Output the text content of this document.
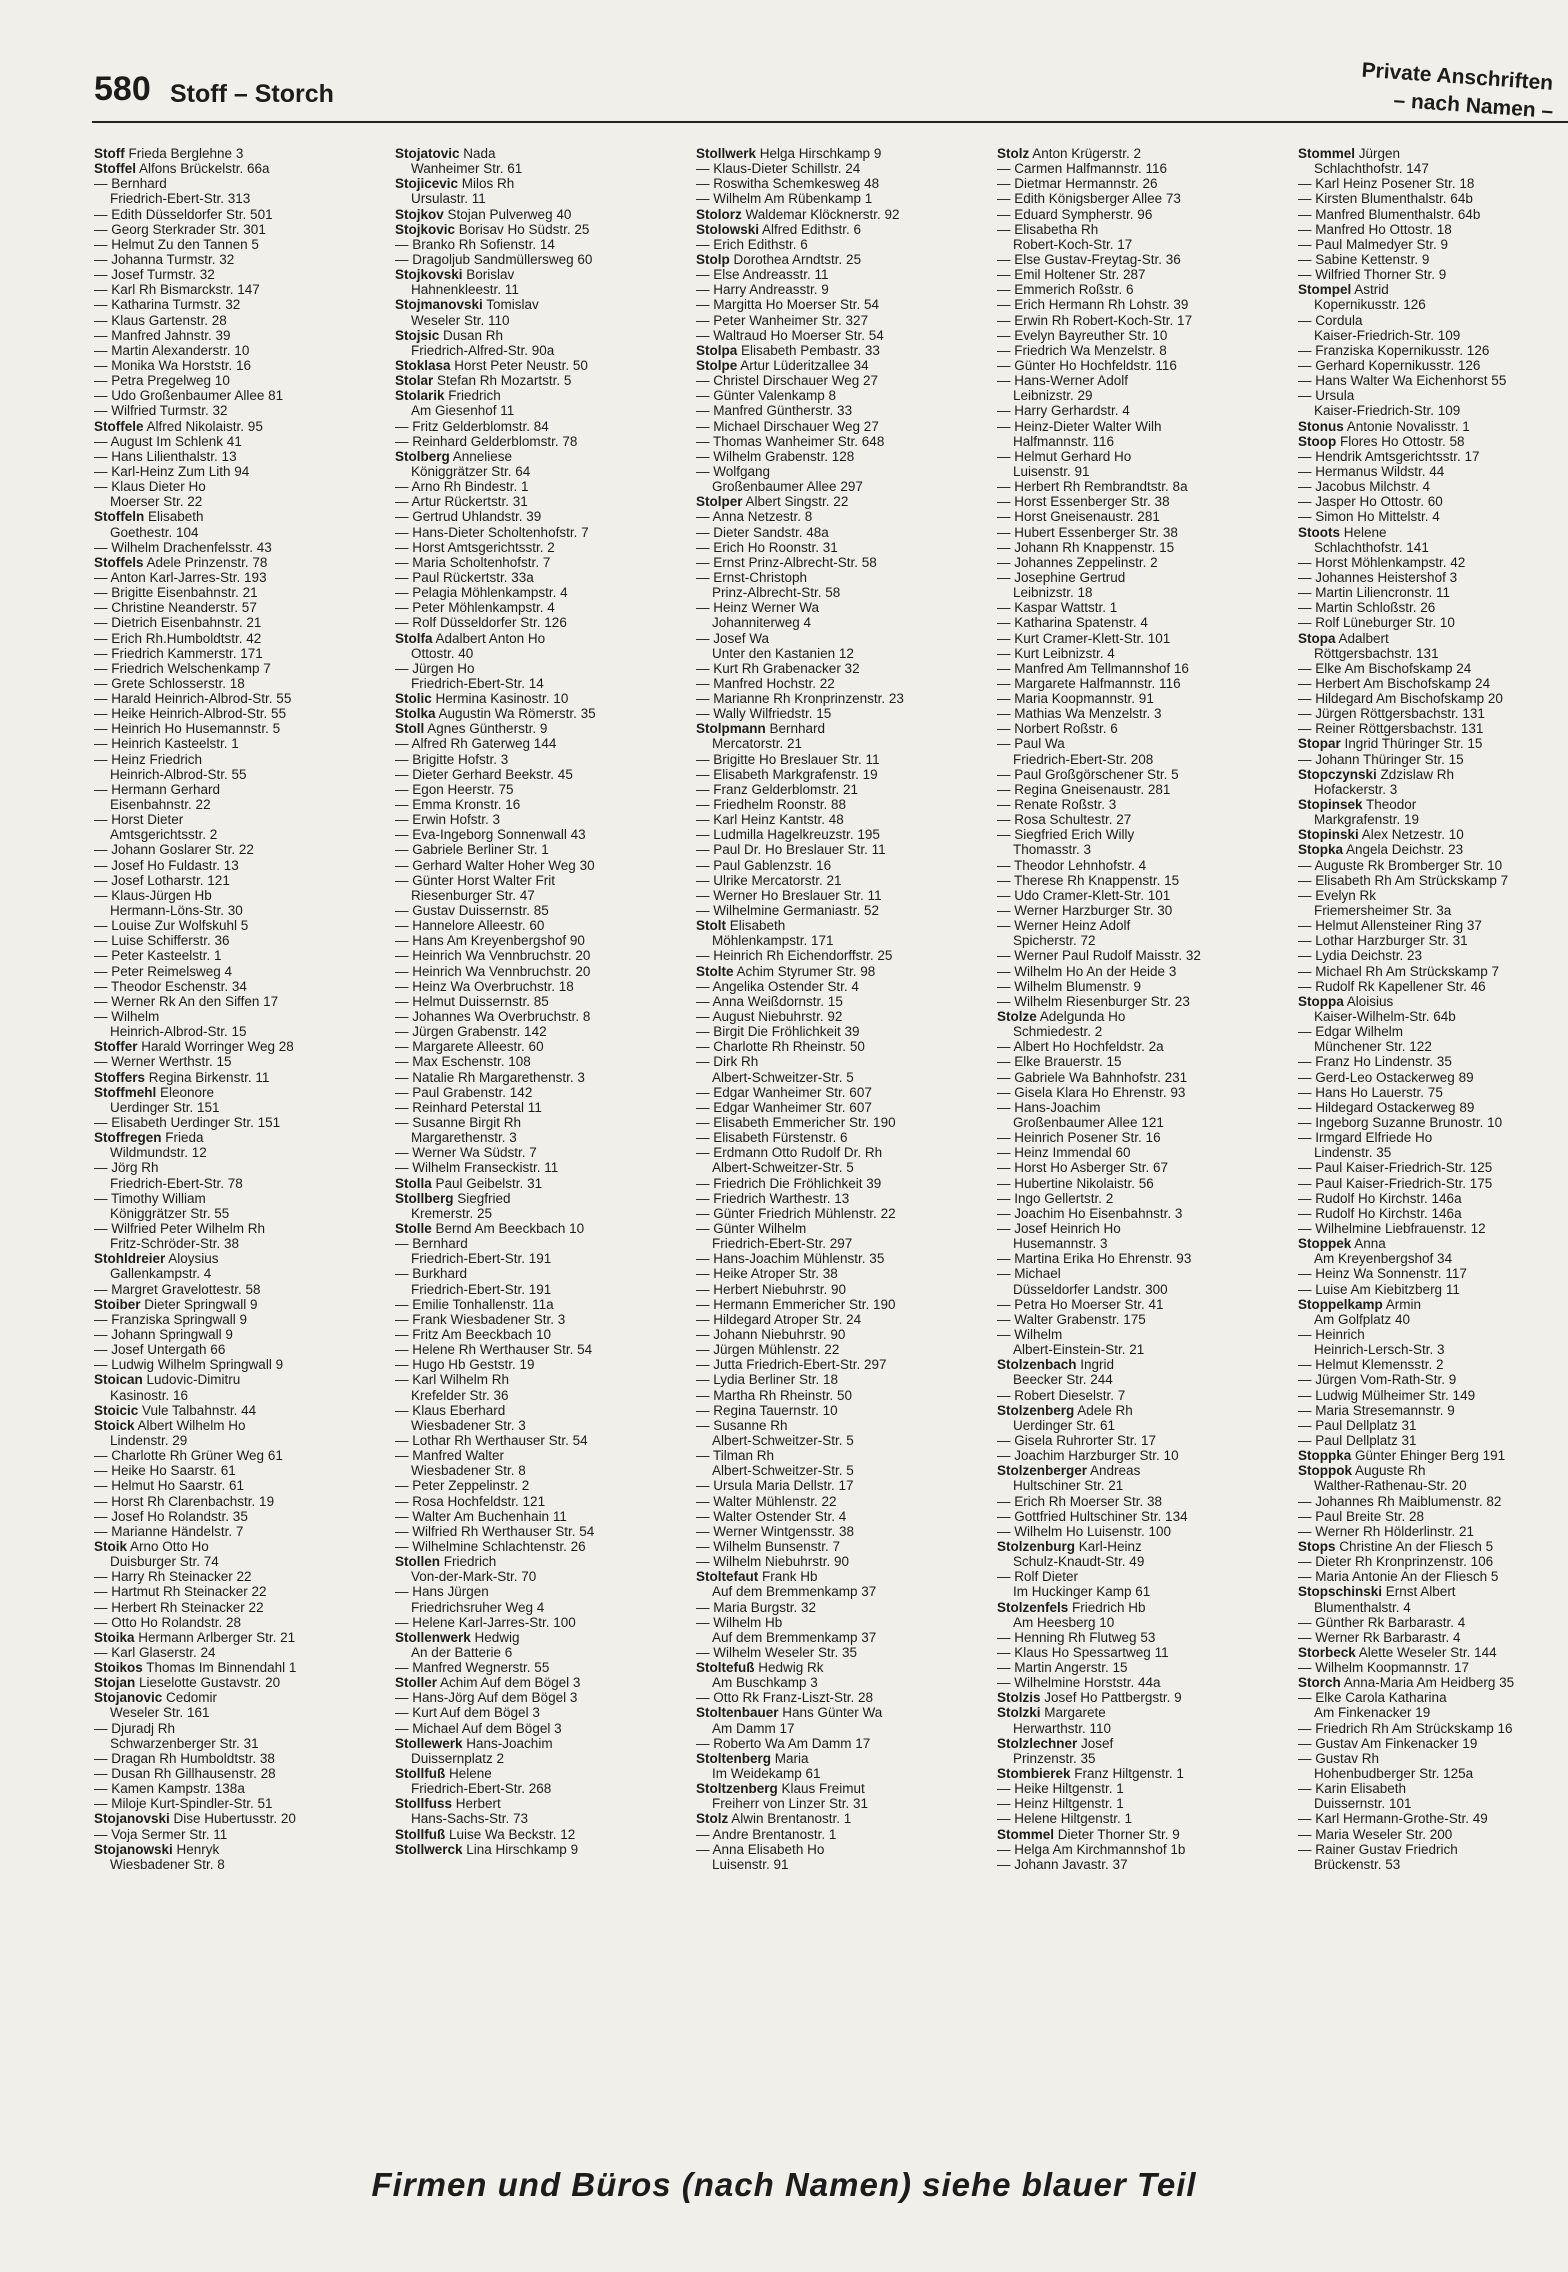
580 Stoff – Storch	Private Anschriften
– nach Namen –
Stoff Frieda Berglehne 3
Stoffel Alfons Brückelstr. 66a
— Bernhard
Friedrich-Ebert-Str. 313
— Edith Düsseldorfer Str. 501
— Georg Sterkrader Str. 301
— Helmut Zu den Tannen 5
— Johanna Turmstr. 32
— Josef Turmstr. 32
— Karl Rh Bismarckstr. 147
— Katharina Turmstr. 32
— Klaus Gartenstr. 28
— Manfred Jahnstr. 39
— Martin Alexanderstr. 10
— Monika Wa Horststr. 16
— Petra Pregelweg 10
— Udo Großenbaumer Allee 81
— Wilfried Turmstr. 32
Stoffele Alfred Nikolaistr. 95
— August Im Schlenk 41
— Hans Lilienthalstr. 13
— Karl-Heinz Zum Lith 94
— Klaus Dieter Ho
Moerser Str. 22
Stoffeln Elisabeth
Goethestr. 104
— Wilhelm Drachenfelsstr. 43
Stoffels Adele Prinzenstr. 78
— Anton Karl-Jarres-Str. 193
— Brigitte Eisenbahnstr. 21
— Christine Neanderstr. 57
— Dietrich Eisenbahnstr. 21
— Erich Rh.Humboldtstr. 42
— Friedrich Kammerstr. 171
— Friedrich Welschenkamp 7
— Grete Schlosserstr. 18
— Harald Heinrich-Albrod-Str. 55
— Heike Heinrich-Albrod-Str. 55
— Heinrich Ho Husemannstr. 5
— Heinrich Kasteelstr. 1
— Heinz Friedrich
Heinrich-Albrod-Str. 55
— Hermann Gerhard
Eisenbahnstr. 22
— Horst Dieter
Amtsgerichtsstr. 2
— Johann Goslarer Str. 22
— Josef Ho Fuldastr. 13
— Josef Lotharstr. 121
— Klaus-Jürgen Hb
Hermann-Löns-Str. 30
— Louise Zur Wolfskuhl 5
— Luise Schifferstr. 36
— Peter Kasteelstr. 1
— Peter Reimelsweg 4
— Theodor Eschenstr. 34
— Werner Rk An den Siffen 17
— Wilhelm
Heinrich-Albrod-Str. 15
Stoffer Harald Worringer Weg 28
— Werner Werthstr. 15
Stoffers Regina Birkenstr. 11
Stoffmehl Eleonore
Uerdinger Str. 151
— Elisabeth Uerdinger Str. 151
Stoffregen Frieda
Wildmundstr. 12
— Jörg Rh
Friedrich-Ebert-Str. 78
— Timothy William
Königgrätzer Str. 55
— Wilfried Peter Wilhelm Rh
Fritz-Schröder-Str. 38
Stohldreier Aloysius
Gallenkampstr. 4
— Margret Gravelottestr. 58
Stoiber Dieter Springwall 9
— Franziska Springwall 9
— Johann Springwall 9
— Josef Untergath 66
— Ludwig Wilhelm Springwall 9
Stoican Ludovic-Dimitru
Kasinostr. 16
Stoicic Vule Talbahnstr. 44
Stoick Albert Wilhelm Ho
Lindenstr. 29
— Charlotte Rh Grüner Weg 61
— Heike Ho Saarstr. 61
— Helmut Ho Saarstr. 61
— Horst Rh Clarenbachstr. 19
— Josef Ho Rolandstr. 35
— Marianne Händelstr. 7
Stoik Arno Otto Ho
Duisburger Str. 74
— Harry Rh Steinacker 22
— Hartmut Rh Steinacker 22
— Herbert Rh Steinacker 22
— Otto Ho Rolandstr. 28
Stoika Hermann Arlberger Str. 21
— Karl Glaserstr. 24
Stoikos Thomas Im Binnendahl 1
Stojan Lieselotte Gustavstr. 20
Stojanovic Cedomir
Weseler Str. 161
— Djuradj Rh
Schwarzenberger Str. 31
— Dragan Rh Humboldtstr. 38
— Dusan Rh Gillhausenstr. 28
— Kamen Kampstr. 138a
— Miloje Kurt-Spindler-Str. 51
Stojanovski Dise Hubertusstr. 20
— Voja Sermer Str. 11
Stojanowski Henryk
Wiesbadener Str. 8
Stojatovic Nada
Wanheimer Str. 61
Stojicevic Milos Rh
Ursulastr. 11
Stojkov Stojan Pulverweg 40
Stojkovic Borisav Ho Südstr. 25
— Branko Rh Sofienstr. 14
— Dragoljub Sandmüllersweg 60
Stojkovski Borislav
Hahnenkleestr. 11
Stojmanovski Tomislav
Weseler Str. 110
Stojsic Dusan Rh
Friedrich-Alfred-Str. 90a
Stoklasa Horst Peter Neustr. 50
Stolar Stefan Rh Mozartstr. 5
Stolarik Friedrich
Am Giesenhof 11
— Fritz Gelderblomstr. 84
— Reinhard Gelderblomstr. 78
Stolberg Anneliese
Königgrätzer Str. 64
— Arno Rh Bindestr. 1
— Artur Rückertstr. 31
— Gertrud Uhlandstr. 39
— Hans-Dieter Scholtenhofstr. 7
— Horst Amtsgerichtsstr. 2
— Maria Scholtenhofstr. 7
— Paul Rückertstr. 33a
— Pelagia Möhlenkampstr. 4
— Peter Möhlenkampstr. 4
— Rolf Düsseldorfer Str. 126
Stolfa Adalbert Anton Ho
Ottostr. 40
— Jürgen Ho
Friedrich-Ebert-Str. 14
Stolic Hermina Kasinostr. 10
Stolka Augustin Wa Römerstr. 35
Stoll Agnes Güntherstr. 9
— Alfred Rh Gaterweg 144
— Brigitte Hofstr. 3
— Dieter Gerhard Beekstr. 45
— Egon Heerstr. 75
— Emma Kronstr. 16
— Erwin Hofstr. 3
— Eva-Ingeborg Sonnenwall 43
— Gabriele Berliner Str. 1
— Gerhard Walter Hoher Weg 30
— Günter Horst Walter Frit
Riesenburger Str. 47
— Gustav Duissernstr. 85
— Hannelore Alleestr. 60
— Hans Am Kreyenbergshof 90
— Heinrich Wa Vennbruchstr. 20
— Heinrich Wa Vennbruchstr. 20
— Heinz Wa Overbruchstr. 18
— Helmut Duissernstr. 85
— Johannes Wa Overbruchstr. 8
— Jürgen Grabenstr. 142
— Margarete Alleestr. 60
— Max Eschenstr. 108
— Natalie Rh Margarethenstr. 3
— Paul Grabenstr. 142
— Reinhard Peterstal 11
— Susanne Birgit Rh
Margarethenstr. 3
— Werner Wa Südstr. 7
— Wilhelm Franseckistr. 11
Stolla Paul Geibelstr. 31
Stollberg Siegfried
Kremerstr. 25
Stolle Bernd Am Beeckbach 10
— Bernhard
Friedrich-Ebert-Str. 191
— Burkhard
Friedrich-Ebert-Str. 191
— Emilie Tonhallenstr. 11a
— Frank Wiesbadener Str. 3
— Fritz Am Beeckbach 10
— Helene Rh Werthauser Str. 54
— Hugo Hb Geststr. 19
— Karl Wilhelm Rh
Krefelder Str. 36
— Klaus Eberhard
Wiesbadener Str. 3
— Lothar Rh Werthauser Str. 54
— Manfred Walter
Wiesbadener Str. 8
— Peter Zeppelinstr. 2
— Rosa Hochfeldstr. 121
— Walter Am Buchenhain 11
— Wilfried Rh Werthauser Str. 54
— Wilhelmine Schlachtenstr. 26
Stollen Friedrich
Von-der-Mark-Str. 70
— Hans Jürgen
Friedrichsruher Weg 4
— Helene Karl-Jarres-Str. 100
Stollenwerk Hedwig
An der Batterie 6
— Manfred Wegnerstr. 55
Stoller Achim Auf dem Bögel 3
— Hans-Jörg Auf dem Bögel 3
— Kurt Auf dem Bögel 3
— Michael Auf dem Bögel 3
Stollewerk Hans-Joachim
Duissernplatz 2
Stollfuß Helene
Friedrich-Ebert-Str. 268
Stollfuss Herbert
Hans-Sachs-Str. 73
Stollfuß Luise Wa Beckstr. 12
Stollwerck Lina Hirschkamp 9
Stollwerk Helga Hirschkamp 9
— Klaus-Dieter Schillstr. 24
— Roswitha Schemkesweg 48
— Wilhelm Am Rübenkamp 1
Stolorz Waldemar Klöcknerstr. 92
Stolowski Alfred Edithstr. 6
— Erich Edithstr. 6
Stolp Dorothea Arndtstr. 25
— Else Andreasstr. 11
— Harry Andreasstr. 9
— Margitta Ho Moerser Str. 54
— Peter Wanheimer Str. 327
— Waltraud Ho Moerser Str. 54
Stolpa Elisabeth Pembastr. 33
Stolpe Artur Lüderitzallee 34
— Christel Dirschauer Weg 27
— Günter Valenkamp 8
— Manfred Güntherstr. 33
— Michael Dirschauer Weg 27
— Thomas Wanheimer Str. 648
— Wilhelm Grabenstr. 128
— Wolfgang
Großenbaumer Allee 297
Stolper Albert Singstr. 22
— Anna Netzestr. 8
— Dieter Sandstr. 48a
— Erich Ho Roonstr. 31
— Ernst Prinz-Albrecht-Str. 58
— Ernst-Christoph
Prinz-Albrecht-Str. 58
— Heinz Werner Wa
Johanniterweg 4
— Josef Wa
Unter den Kastanien 12
— Kurt Rh Grabenacker 32
— Manfred Hochstr. 22
— Marianne Rh Kronprinzenstr. 23
— Wally Wilfriedstr. 15
Stolpmann Bernhard
Mercatorstr. 21
— Brigitte Ho Breslauer Str. 11
— Elisabeth Markgrafenstr. 19
— Franz Gelderblomstr. 21
— Friedhelm Roonstr. 88
— Karl Heinz Kantstr. 48
— Ludmilla Hagelkreuzstr. 195
— Paul Dr. Ho Breslauer Str. 11
— Paul Gablenzstr. 16
— Ulrike Mercatorstr. 21
— Werner Ho Breslauer Str. 11
— Wilhelmine Germaniastr. 52
Stolt Elisabeth
Möhlenkampstr. 171
— Heinrich Rh Eichendorffstr. 25
Stolte Achim Styrumer Str. 98
— Angelika Ostender Str. 4
— Anna Weißdornstr. 15
— August Niebuhrstr. 92
— Birgit Die Fröhlichkeit 39
— Charlotte Rh Rheinstr. 50
— Dirk Rh
Albert-Schweitzer-Str. 5
— Edgar Wanheimer Str. 607
— Edgar Wanheimer Str. 607
— Elisabeth Emmericher Str. 190
— Elisabeth Fürstenstr. 6
— Erdmann Otto Rudolf Dr. Rh
Albert-Schweitzer-Str. 5
— Friedrich Die Fröhlichkeit 39
— Friedrich Warthestr. 13
— Günter Friedrich Mühlenstr. 22
— Günter Wilhelm
Friedrich-Ebert-Str. 297
— Hans-Joachim Mühlenstr. 35
— Heike Atroper Str. 38
— Herbert Niebuhrstr. 90
— Hermann Emmericher Str. 190
— Hildegard Atroper Str. 24
— Johann Niebuhrstr. 90
— Jürgen Mühlenstr. 22
— Jutta Friedrich-Ebert-Str. 297
— Lydia Berliner Str. 18
— Martha Rh Rheinstr. 50
— Regina Tauernstr. 10
— Susanne Rh
Albert-Schweitzer-Str. 5
— Tilman Rh
Albert-Schweitzer-Str. 5
— Ursula Maria Dellstr. 17
— Walter Mühlenstr. 22
— Walter Ostender Str. 4
— Werner Wintgensstr. 38
— Wilhelm Bunsenstr. 7
— Wilhelm Niebuhrstr. 90
Stoltefaut Frank Hb
Auf dem Bremmenkamp 37
— Maria Burgstr. 32
— Wilhelm Hb
Auf dem Bremmenkamp 37
— Wilhelm Weseler Str. 35
Stoltefuß Hedwig Rk
Am Buschkamp 3
— Otto Rk Franz-Liszt-Str. 28
Stoltenbauer Hans Günter Wa
Am Damm 17
— Roberto Wa Am Damm 17
Stoltenberg Maria
Im Weidekamp 61
Stoltzenberg Klaus Freimut
Freiherr von Linzer Str. 31
Stolz Alwin Brentanostr. 1
— Andre Brentanostr. 1
— Anna Elisabeth Ho
Luisenstr. 91
Stolz Anton Krügerstr. 2
— Carmen Halfmannstr. 116
— Dietmar Hermannstr. 26
— Edith Königsberger Allee 73
— Eduard Sympherstr. 96
— Elisabetha Rh
Robert-Koch-Str. 17
— Else Gustav-Freytag-Str. 36
— Emil Holtener Str. 287
— Emmerich Roßstr. 6
— Erich Hermann Rh Lohstr. 39
— Erwin Rh Robert-Koch-Str. 17
— Evelyn Bayreuther Str. 10
— Friedrich Wa Menzelstr. 8
— Günter Ho Hochfeldstr. 116
— Hans-Werner Adolf
Leibnizstr. 29
— Harry Gerhardstr. 4
— Heinz-Dieter Walter Wilh
Halfmannstr. 116
— Helmut Gerhard Ho
Luisenstr. 91
— Herbert Rh Rembrandtstr. 8a
— Horst Essenberger Str. 38
— Horst Gneisenaustr. 281
— Hubert Essenberger Str. 38
— Johann Rh Knappenstr. 15
— Johannes Zeppelinstr. 2
— Josephine Gertrud
Leibnizstr. 18
— Kaspar Wattstr. 1
— Katharina Spatenstr. 4
— Kurt Cramer-Klett-Str. 101
— Kurt Leibnizstr. 4
— Manfred Am Tellmannshof 16
— Margarete Halfmannstr. 116
— Maria Koopmannstr. 91
— Mathias Wa Menzelstr. 3
— Norbert Roßstr. 6
— Paul Wa
Friedrich-Ebert-Str. 208
— Paul Großgörschener Str. 5
— Regina Gneisenaustr. 281
— Renate Roßstr. 3
— Rosa Schultestr. 27
— Siegfried Erich Willy
Thomasstr. 3
— Theodor Lehnhofstr. 4
— Therese Rh Knappenstr. 15
— Udo Cramer-Klett-Str. 101
— Werner Harzburger Str. 30
— Werner Heinz Adolf
Spicherstr. 72
— Werner Paul Rudolf Maisstr. 32
— Wilhelm Ho An der Heide 3
— Wilhelm Blumenstr. 9
— Wilhelm Riesenburger Str. 23
Stolze Adelgunda Ho
Schmiedestr. 2
— Albert Ho Hochfeldstr. 2a
— Elke Brauerstr. 15
— Gabriele Wa Bahnhofstr. 231
— Gisela Klara Ho Ehrenstr. 93
— Hans-Joachim
Großenbaumer Allee 121
— Heinrich Posener Str. 16
— Heinz Immendal 60
— Horst Ho Asberger Str. 67
— Hubertine Nikolaistr. 56
— Ingo Gellertstr. 2
— Joachim Ho Eisenbahnstr. 3
— Josef Heinrich Ho
Husemannstr. 3
— Martina Erika Ho Ehrenstr. 93
— Michael
Düsseldorfer Landstr. 300
— Petra Ho Moerser Str. 41
— Walter Grabenstr. 175
— Wilhelm
Albert-Einstein-Str. 21
Stolzenbach Ingrid
Beecker Str. 244
— Robert Dieselstr. 7
Stolzenberg Adele Rh
Uerdinger Str. 61
— Gisela Ruhrorter Str. 17
— Joachim Harzburger Str. 10
Stolzenberger Andreas
Hultschiner Str. 21
— Erich Rh Moerser Str. 38
— Gottfried Hultschiner Str. 134
— Wilhelm Ho Luisenstr. 100
Stolzenburg Karl-Heinz
Schulz-Knaudt-Str. 49
— Rolf Dieter
Im Huckinger Kamp 61
Stolzenfels Friedrich Hb
Am Heesberg 10
— Henning Rh Flutweg 53
— Klaus Ho Spessartweg 11
— Martin Angerstr. 15
— Wilhelmine Horststr. 44a
Stolzis Josef Ho Pattbergstr. 9
Stolzki Margarete
Herwarthstr. 110
Stolzlechner Josef
Prinzenstr. 35
Stombierek Franz Hiltgenstr. 1
— Heike Hiltgenstr. 1
— Heinz Hiltgenstr. 1
— Helene Hiltgenstr. 1
Stommel Dieter Thorner Str. 9
— Helga Am Kirchmannshof 1b
— Johann Javastr. 37
Stommel Jürgen
Schlachthofstr. 147
— Karl Heinz Posener Str. 18
— Kirsten Blumenthalstr. 64b
— Manfred Blumenthalstr. 64b
— Manfred Ho Ottostr. 18
— Paul Malmedyer Str. 9
— Sabine Kettenstr. 9
— Wilfried Thorner Str. 9
Stompel Astrid
Kopernikusstr. 126
— Cordula
Kaiser-Friedrich-Str. 109
— Franziska Kopernikusstr. 126
— Gerhard Kopernikusstr. 126
— Hans Walter Wa Eichenhorst 55
— Ursula
Kaiser-Friedrich-Str. 109
Stonus Antonie Novalisstr. 1
Stoop Flores Ho Ottostr. 58
— Hendrik Amtsgerichtsstr. 17
— Hermanus Wildstr. 44
— Jacobus Milchstr. 4
— Jasper Ho Ottostr. 60
— Simon Ho Mittelstr. 4
Stoots Helene
Schlachthofstr. 141
— Horst Möhlenkampstr. 42
— Johannes Heistershof 3
— Martin Liliencronstr. 11
— Martin Schloßstr. 26
— Rolf Lüneburger Str. 10
Stopa Adalbert
Röttgersbachstr. 131
— Elke Am Bischofskamp 24
— Herbert Am Bischofskamp 24
— Hildegard Am Bischofskamp 20
— Jürgen Röttgersbachstr. 131
— Reiner Röttgersbachstr. 131
Stopar Ingrid Thüringer Str. 15
— Johann Thüringer Str. 15
Stopczynski Zdzislaw Rh
Hofackerstr. 3
Stopinsek Theodor
Markgrafenstr. 19
Stopinski Alex Netzestr. 10
Stopka Angela Deichstr. 23
— Auguste Rk Bromberger Str. 10
— Elisabeth Rh Am Strückskamp 7
— Evelyn Rk
Friemersheimer Str. 3a
— Helmut Allensteiner Ring 37
— Lothar Harzburger Str. 31
— Lydia Deichstr. 23
— Michael Rh Am Strückskamp 7
— Rudolf Rk Kapellener Str. 46
Stoppa Aloisius
Kaiser-Wilhelm-Str. 64b
— Edgar Wilhelm
Münchener Str. 122
— Franz Ho Lindenstr. 35
— Gerd-Leo Ostackerweg 89
— Hans Ho Lauerstr. 75
— Hildegard Ostackerweg 89
— Ingeborg Suzanne Brunostr. 10
— Irmgard Elfriede Ho
Lindenstr. 35
— Paul Kaiser-Friedrich-Str. 125
— Paul Kaiser-Friedrich-Str. 175
— Rudolf Ho Kirchstr. 146a
— Rudolf Ho Kirchstr. 146a
— Wilhelmine Liebfrauenstr. 12
Stoppek Anna
Am Kreyenbergshof 34
— Heinz Wa Sonnenstr. 117
— Luise Am Kiebitzberg 11
Stoppelkamp Armin
Am Golfplatz 40
— Heinrich
Heinrich-Lersch-Str. 3
— Helmut Klemensstr. 2
— Jürgen Vom-Rath-Str. 9
— Ludwig Mülheimer Str. 149
— Maria Stresemannstr. 9
— Paul Dellplatz 31
— Paul Dellplatz 31
Stoppka Günter Ehinger Berg 191
Stoppok Auguste Rh
Walther-Rathenau-Str. 20
— Johannes Rh Maiblumenstr. 82
— Paul Breite Str. 28
— Werner Rh Hölderlinstr. 21
Stops Christine An der Fliesch 5
— Dieter Rh Kronprinzenstr. 106
— Maria Antonie An der Fliesch 5
Stopschinski Ernst Albert
Blumenthalstr. 4
— Günther Rk Barbarastr. 4
— Werner Rk Barbarastr. 4
Storbeck Alette Weseler Str. 144
— Wilhelm Koopmannstr. 17
Storch Anna-Maria Am Heidberg 35
— Elke Carola Katharina
Am Finkenacker 19
— Friedrich Rh Am Strückskamp 16
— Gustav Am Finkenacker 19
— Gustav Rh
Hohenbudberger Str. 125a
— Karin Elisabeth
Duissernstr. 101
— Karl Hermann-Grothe-Str. 49
— Maria Weseler Str. 200
— Rainer Gustav Friedrich
Brückenstr. 53
Firmen und Büros (nach Namen) siehe blauer Teil
